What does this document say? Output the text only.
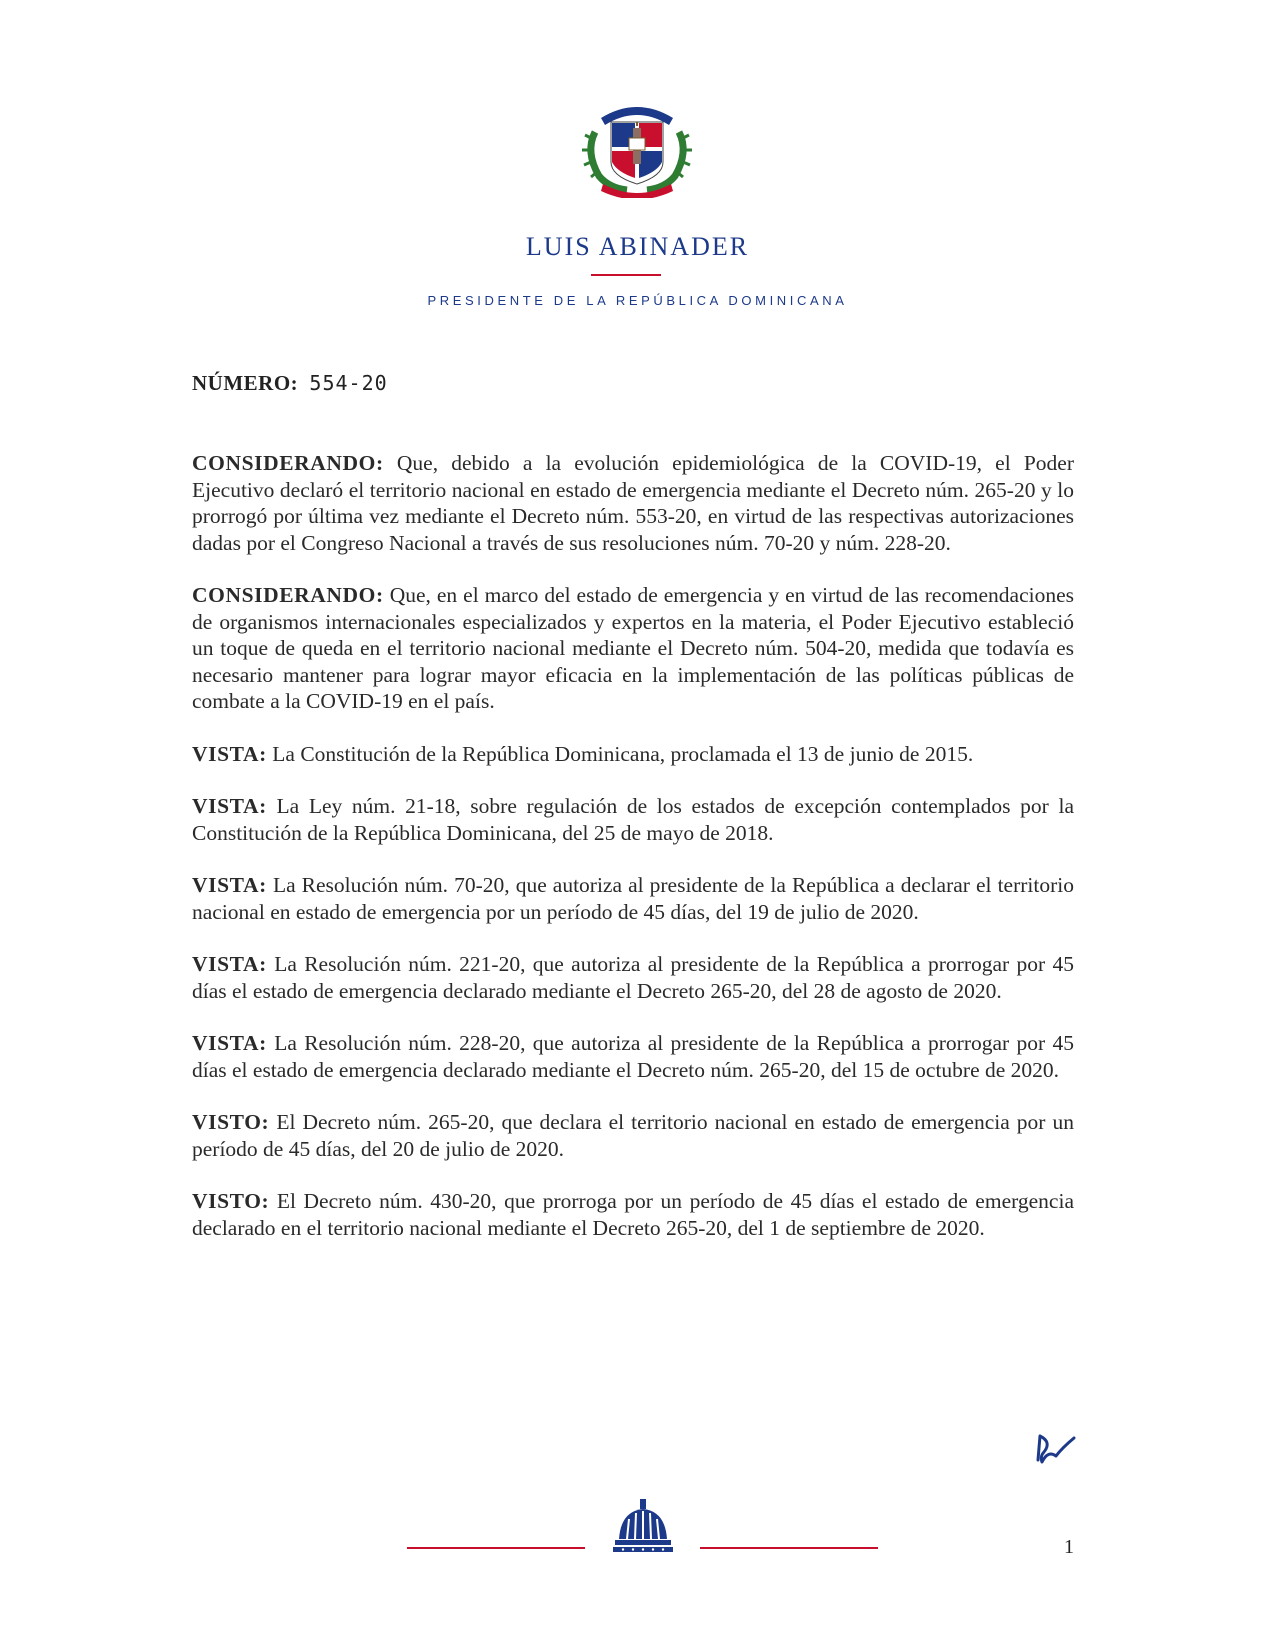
LUIS ABINADER
PRESIDENTE DE LA REPÚBLICA DOMINICANA
NÚMERO: 554-20

CONSIDERANDO: Que, debido a la evolución epidemiológica de la COVID-19, el Poder Ejecutivo declaró el territorio nacional en estado de emergencia mediante el Decreto núm. 265-20 y lo prorrogó por última vez mediante el Decreto núm. 553-20, en virtud de las respectivas autorizaciones dadas por el Congreso Nacional a través de sus resoluciones núm. 70-20 y núm. 228-20.

CONSIDERANDO: Que, en el marco del estado de emergencia y en virtud de las recomendaciones de organismos internacionales especializados y expertos en la materia, el Poder Ejecutivo estableció un toque de queda en el territorio nacional mediante el Decreto núm. 504-20, medida que todavía es necesario mantener para lograr mayor eficacia en la implementación de las políticas públicas de combate a la COVID-19 en el país.

VISTA: La Constitución de la República Dominicana, proclamada el 13 de junio de 2015.

VISTA: La Ley núm. 21-18, sobre regulación de los estados de excepción contemplados por la Constitución de la República Dominicana, del 25 de mayo de 2018.

VISTA: La Resolución núm. 70-20, que autoriza al presidente de la República a declarar el territorio nacional en estado de emergencia por un período de 45 días, del 19 de julio de 2020.

VISTA: La Resolución núm. 221-20, que autoriza al presidente de la República a prorrogar por 45 días el estado de emergencia declarado mediante el Decreto 265-20, del 28 de agosto de 2020.

VISTA: La Resolución núm. 228-20, que autoriza al presidente de la República a prorrogar por 45 días el estado de emergencia declarado mediante el Decreto núm. 265-20, del 15 de octubre de 2020.

VISTO: El Decreto núm. 265-20, que declara el territorio nacional en estado de emergencia por un período de 45 días, del 20 de julio de 2020.

VISTO: El Decreto núm. 430-20, que prorroga por un período de 45 días el estado de emergencia declarado en el territorio nacional mediante el Decreto 265-20, del 1 de septiembre de 2020.

1
